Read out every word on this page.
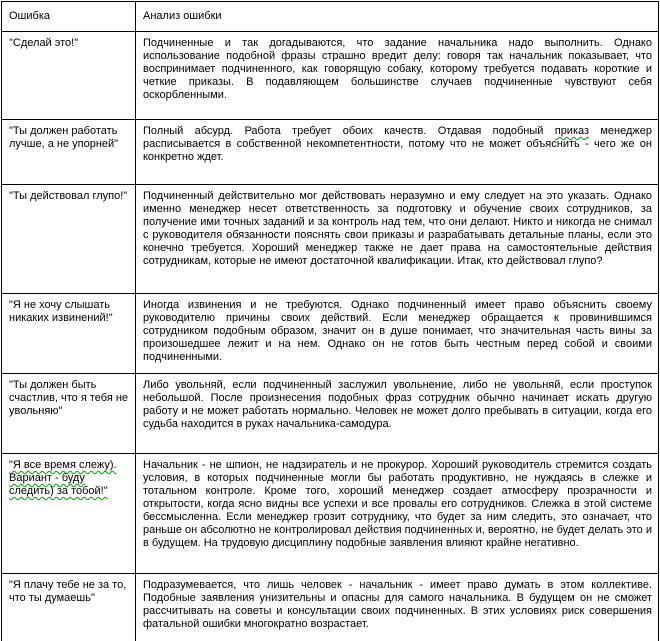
Ошибка	Анализ ошибки
"Сделай это!"	Подчиненные и так догадываются, что задание начальника надо выполнить. Однако использование подобной фразы страшно вредит делу: говоря так начальник показывает, что воспринимает подчиненного, как говорящую собаку, которому требуется подавать короткие и четкие приказы. В подавляющем большинстве случаев подчиненные чувствуют себя оскорбленными.
"Ты должен работать лучше, а не упорней"	Полный абсурд. Работа требует обоих качеств. Отдавая подобный приказ менеджер расписывается в собственной некомпетентности, потому что не может объяснить - чего же он конкретно ждет.
"Ты действовал глупо!"	Подчиненный действительно мог действовать неразумно и ему следует на это указать. Однако именно менеджер несет ответственность за подготовку и обучение своих сотрудников, за получение ими точных заданий и за контроль над тем, что они делают. Никто и никогда не снимал с руководителя обязанности пояснять свои приказы и разрабатывать детальные планы, если это конечно требуется. Хороший менеджер также не дает права на самостоятельные действия сотрудникам, которые не имеют достаточной квалификации. Итак, кто действовал глупо?
"Я не хочу слышать никаких извинений!"	Иногда извинения и не требуются. Однако подчиненный имеет право объяснить своему руководителю причины своих действий. Если менеджер обращается к провинившимся сотрудником подобным образом, значит он в душе понимает, что значительная часть вины за произошедшее лежит и на нем. Однако он не готов быть честным перед собой и своими подчиненными.
"Ты должен быть счастлив, что я тебя не увольняю"	Либо увольняй, если подчиненный заслужил увольнение, либо не увольняй, если проступок небольшой. После произнесения подобных фраз сотрудник обычно начинает искать другую работу и не может работать нормально. Человек не может долго пребывать в ситуации, когда его судьба находится в руках начальника-самодура.
"Я все время слежу). Вариант - буду следить) за тобой!"	Начальник - не шпион, не надзиратель и не прокурор. Хороший руководитель стремится создать условия, в которых подчиненные могли бы работать продуктивно, не нуждаясь в слежке и тотальном контроле. Кроме того, хороший менеджер создает атмосферу прозрачности и открытости, когда ясно видны все успехи и все провалы его сотрудников. Слежка в этой системе бессмысленна. Если менеджер грозит сотруднику, что будет за ним следить, это означает, что раньше он абсолютно не контролировал действия подчиненных и, вероятно, не будет делать это и в будущем. На трудовую дисциплину подобные заявления влияют крайне негативно.
"Я плачу тебе не за то, что ты думаешь"	Подразумевается, что лишь человек - начальник - имеет право думать в этом коллективе. Подобные заявления унизительны и опасны для самого начальника. В будущем он не сможет рассчитывать на советы и консультации своих подчиненных. В этих условиях риск совершения фатальной ошибки многократно возрастает.
